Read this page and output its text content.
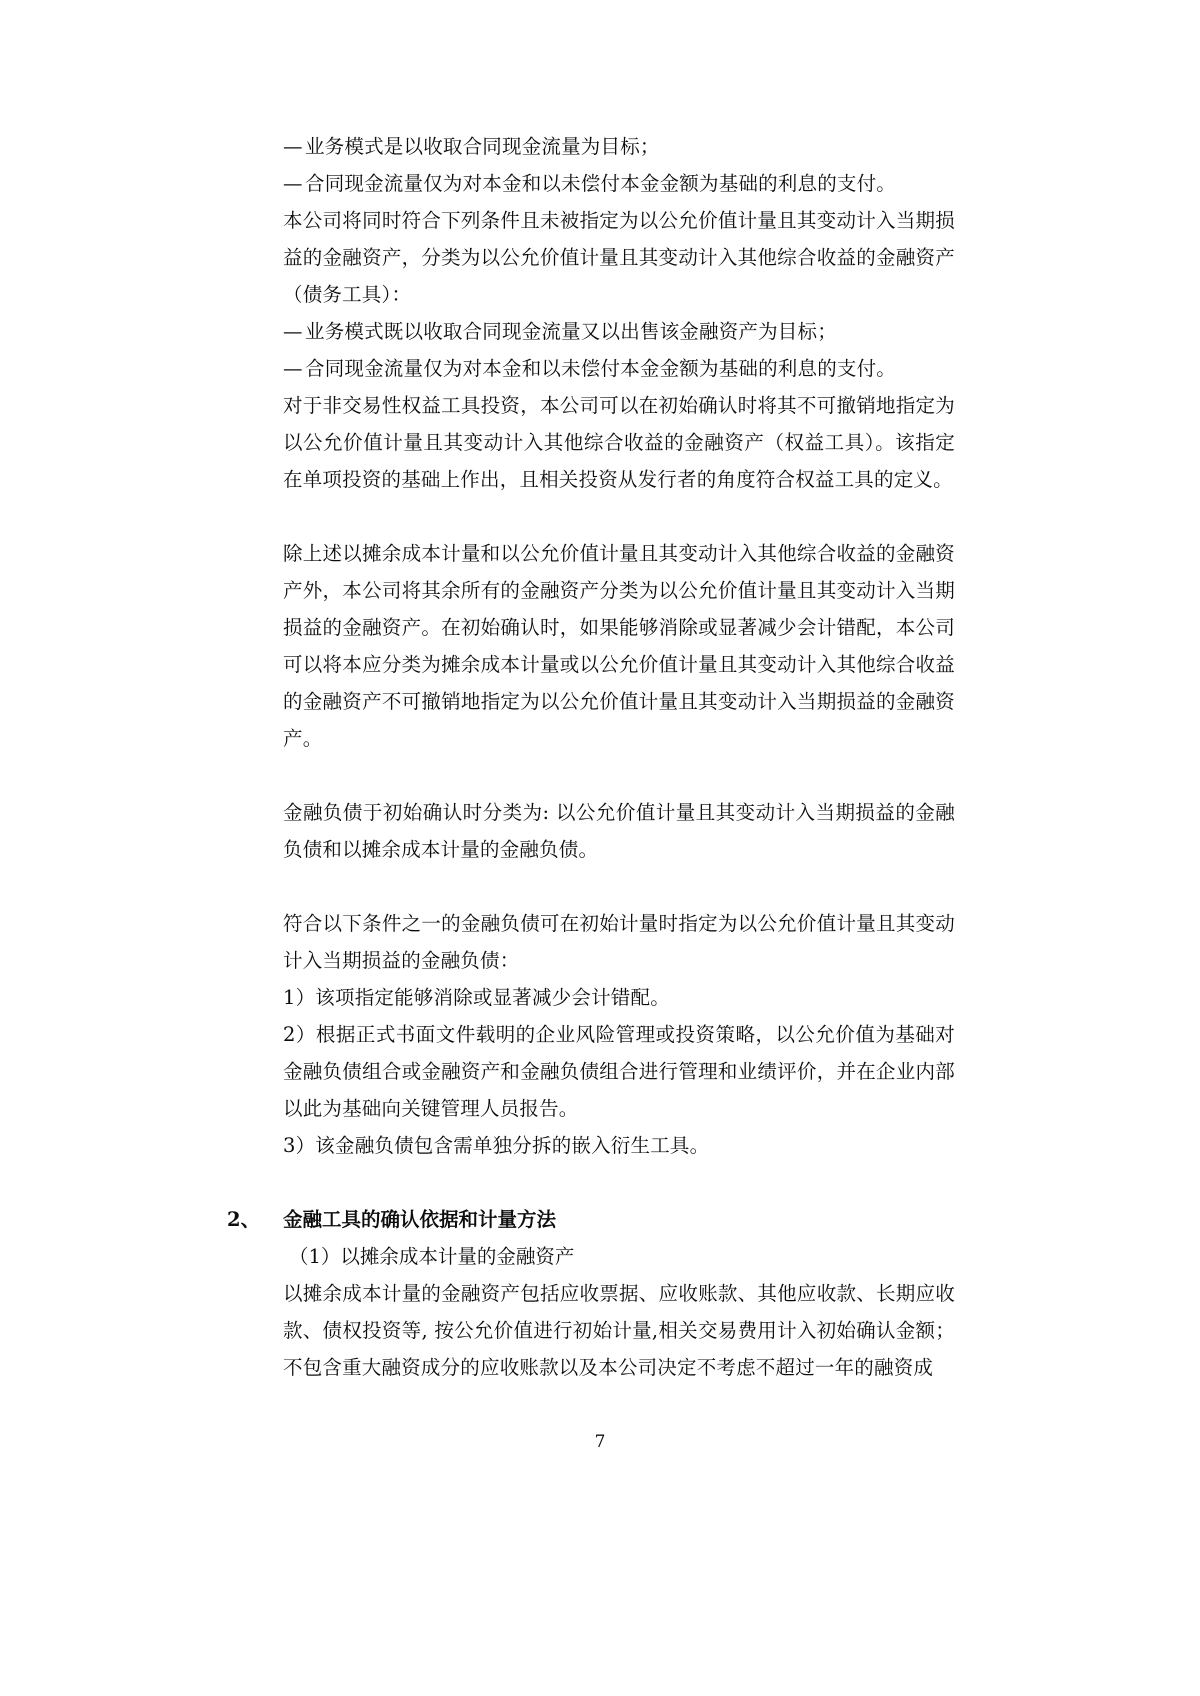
— 业务模式是以收取合同现金流量为目标；

— 合同现金流量仅为对本金和以未偿付本金金额为基础的利息的支付。

本公司将同时符合下列条件且未被指定为以公允价值计量且其变动计入当期损益的金融资产，分类为以公允价值计量且其变动计入其他综合收益的金融资产（债务工具）：

— 业务模式既以收取合同现金流量又以出售该金融资产为目标；

— 合同现金流量仅为对本金和以未偿付本金金额为基础的利息的支付。

对于非交易性权益工具投资，本公司可以在初始确认时将其不可撤销地指定为以公允价值计量且其变动计入其他综合收益的金融资产（权益工具）。该指定在单项投资的基础上作出，且相关投资从发行者的角度符合权益工具的定义。

除上述以摊余成本计量和以公允价值计量且其变动计入其他综合收益的金融资产外，本公司将其余所有的金融资产分类为以公允价值计量且其变动计入当期损益的金融资产。在初始确认时，如果能够消除或显著减少会计错配，本公司可以将本应分类为摊余成本计量或以公允价值计量且其变动计入其他综合收益的金融资产不可撤销地指定为以公允价值计量且其变动计入当期损益的金融资产。

金融负债于初始确认时分类为: 以公允价值计量且其变动计入当期损益的金融负债和以摊余成本计量的金融负债。

符合以下条件之一的金融负债可在初始计量时指定为以公允价值计量且其变动计入当期损益的金融负债：

1）该项指定能够消除或显著减少会计错配。

2）根据正式书面文件载明的企业风险管理或投资策略，以公允价值为基础对金融负债组合或金融资产和金融负债组合进行管理和业绩评价，并在企业内部以此为基础向关键管理人员报告。

3）该金融负债包含需单独分拆的嵌入衍生工具。

2、	金融工具的确认依据和计量方法

（1）以摊余成本计量的金融资产

以摊余成本计量的金融资产包括应收票据、应收账款、其他应收款、长期应收款、债权投资等, 按公允价值进行初始计量,相关交易费用计入初始确认金额；不包含重大融资成分的应收账款以及本公司决定不考虑不超过一年的融资成

7
